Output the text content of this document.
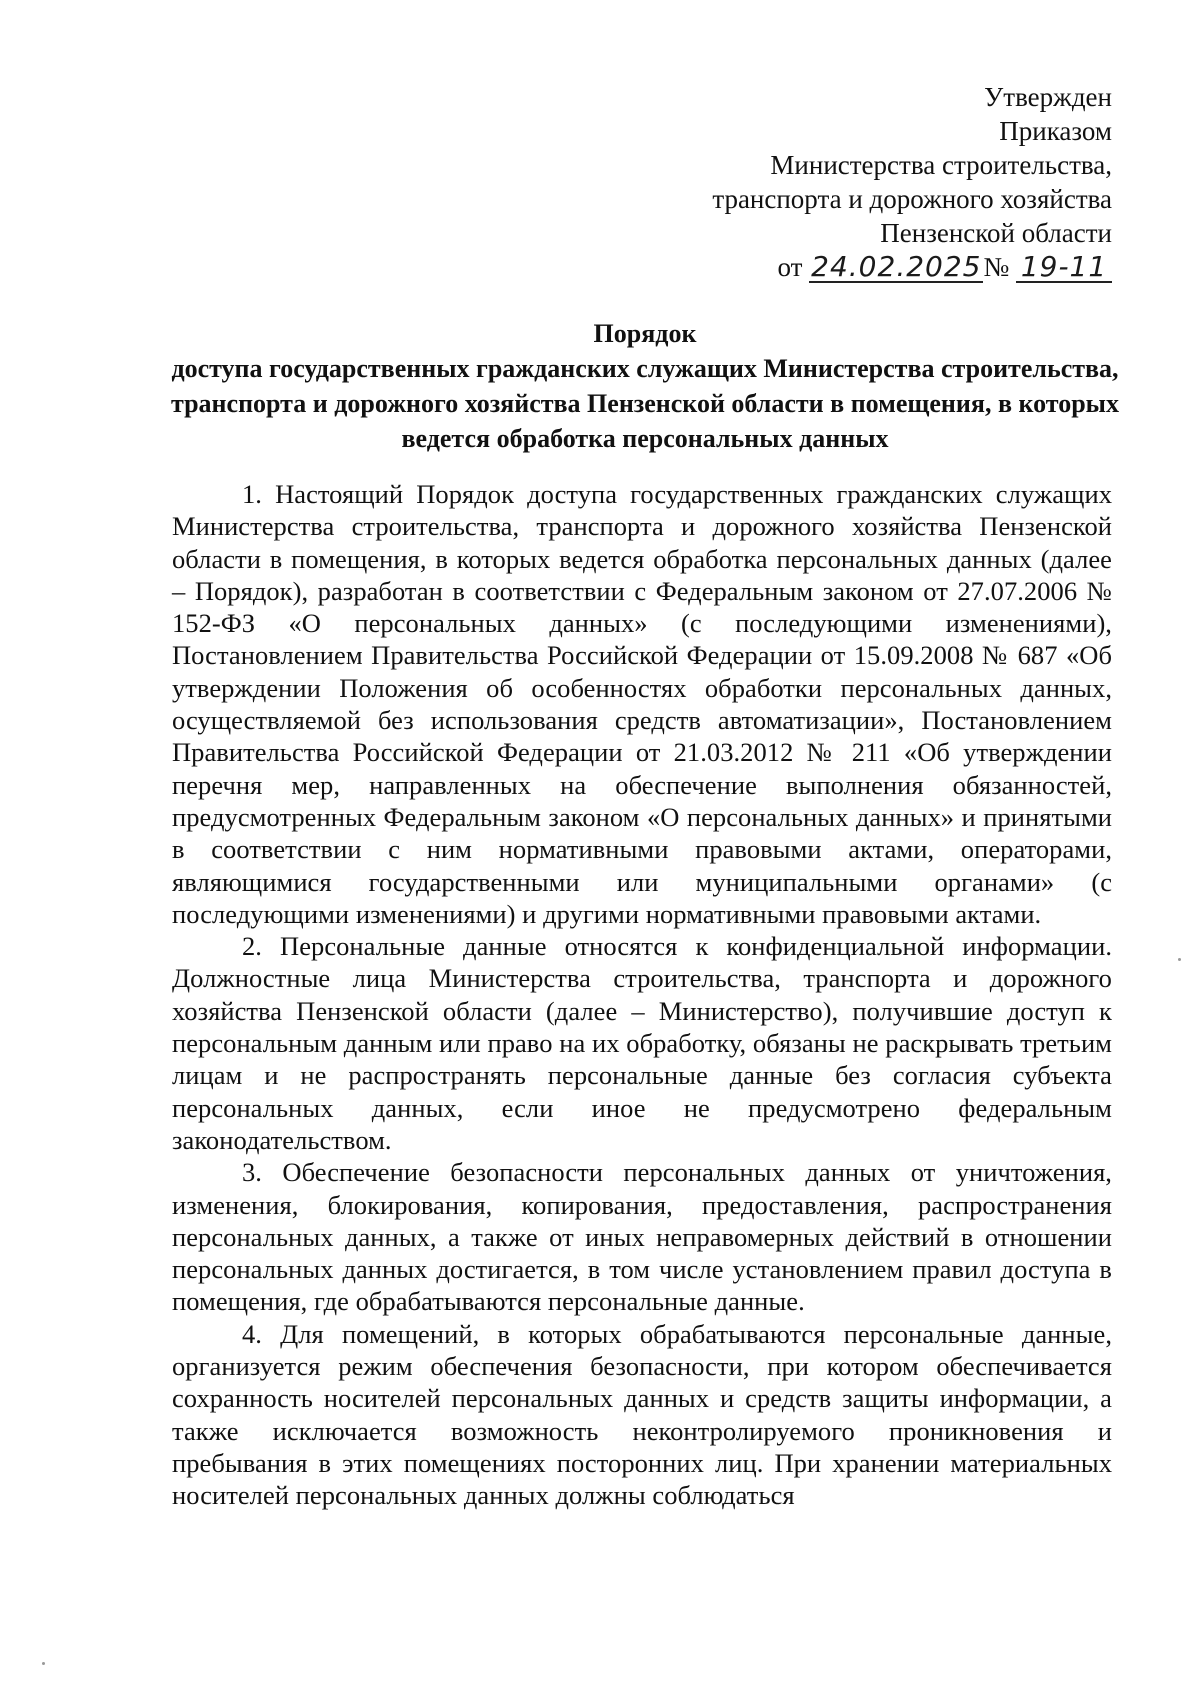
Утвержден
Приказом
Министерства строительства,
транспорта и дорожного хозяйства
Пензенской области
от 24.02.2025№ 19-11
Порядок
доступа государственных гражданских служащих Министерства строительства, транспорта и дорожного хозяйства Пензенской области в помещения, в которых ведется обработка персональных данных

1. Настоящий Порядок доступа государственных гражданских служащих Министерства строительства, транспорта и дорожного хозяйства Пензенской области в помещения, в которых ведется обработка персональных данных (далее – Порядок), разработан в соответствии с Федеральным законом от 27.07.2006 № 152-ФЗ «О персональных данных» (с последующими изменениями), Постановлением Правительства Российской Федерации от 15.09.2008 № 687 «Об утверждении Положения об особенностях обработки персональных данных, осуществляемой без использования средств автоматизации», Постановлением Правительства Российской Федерации от 21.03.2012 № 211 «Об утверждении перечня мер, направленных на обеспечение выполнения обязанностей, предусмотренных Федеральным законом «О персональных данных» и принятыми в соответствии с ним нормативными правовыми актами, операторами, являющимися государственными или муниципальными органами» (с последующими изменениями) и другими нормативными правовыми актами.

2. Персональные данные относятся к конфиденциальной информации. Должностные лица Министерства строительства, транспорта и дорожного хозяйства Пензенской области (далее – Министерство), получившие доступ к персональным данным или право на их обработку, обязаны не раскрывать третьим лицам и не распространять персональные данные без согласия субъекта персональных данных, если иное не предусмотрено федеральным законодательством.

3. Обеспечение безопасности персональных данных от уничтожения, изменения, блокирования, копирования, предоставления, распространения персональных данных, а также от иных неправомерных действий в отношении персональных данных достигается, в том числе установлением правил доступа в помещения, где обрабатываются персональные данные.

4. Для помещений, в которых обрабатываются персональные данные, организуется режим обеспечения безопасности, при котором обеспечивается сохранность носителей персональных данных и средств защиты информации, а также исключается возможность неконтролируемого проникновения и пребывания в этих помещениях посторонних лиц. При хранении материальных носителей персональных данных должны соблюдаться
